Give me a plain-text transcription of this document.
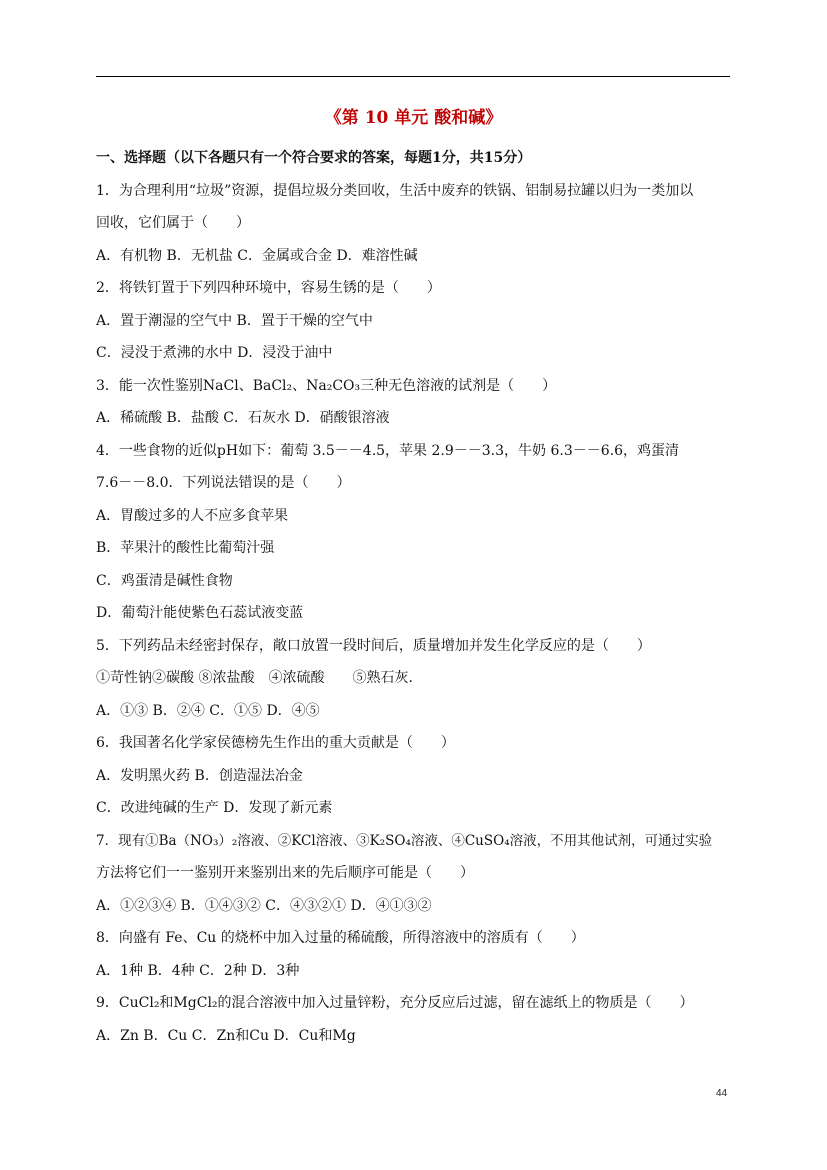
《第 10 单元 酸和碱》
一、选择题（以下各题只有一个符合要求的答案，每题1分，共15分）
1．为合理利用“垃圾”资源，提倡垃圾分类回收，生活中废弃的铁锅、铝制易拉罐以归为一类加以
回收，它们属于（　　）
A．有机物 B．无机盐 C．金属或合金 D．难溶性碱
2．将铁钉置于下列四种环境中，容易生锈的是（　　）
A．置于潮湿的空气中 B．置于干燥的空气中
C．浸没于煮沸的水中 D．浸没于油中
3．能一次性鉴别NaCl、BaCl₂、Na₂CO₃三种无色溶液的试剂是（　　）
A．稀硫酸 B．盐酸 C．石灰水 D．硝酸银溶液
4．一些食物的近似pH如下：葡萄 3.5－－4.5，苹果 2.9－－3.3，牛奶 6.3－－6.6，鸡蛋清
7.6－－8.0．下列说法错误的是（　　）
A．胃酸过多的人不应多食苹果
B．苹果汁的酸性比葡萄汁强
C．鸡蛋清是碱性食物
D．葡萄汁能使紫色石蕊试液变蓝
5．下列药品未经密封保存，敞口放置一段时间后，质量增加并发生化学反应的是（　　）
①苛性钠②碳酸 ⑧浓盐酸　④浓硫酸　　⑤熟石灰．
A．①③ B．②④ C．①⑤ D．④⑤
6．我国著名化学家侯德榜先生作出的重大贡献是（　　）
A．发明黑火药 B．创造湿法冶金
C．改进纯碱的生产 D．发现了新元素
7．现有①Ba（NO₃）₂溶液、②KCl溶液、③K₂SO₄溶液、④CuSO₄溶液，不用其他试剂，可通过实验
方法将它们一一鉴别开来鉴别出来的先后顺序可能是（　　）
A．①②③④ B．①④③② C．④③②① D．④①③②
8．向盛有 Fe、Cu 的烧杯中加入过量的稀硫酸，所得溶液中的溶质有（　　）
A．1种 B．4种 C．2种 D．3种
9．CuCl₂和MgCl₂的混合溶液中加入过量锌粉，充分反应后过滤，留在滤纸上的物质是（　　）
A．Zn B．Cu C．Zn和Cu D．Cu和Mg
44
